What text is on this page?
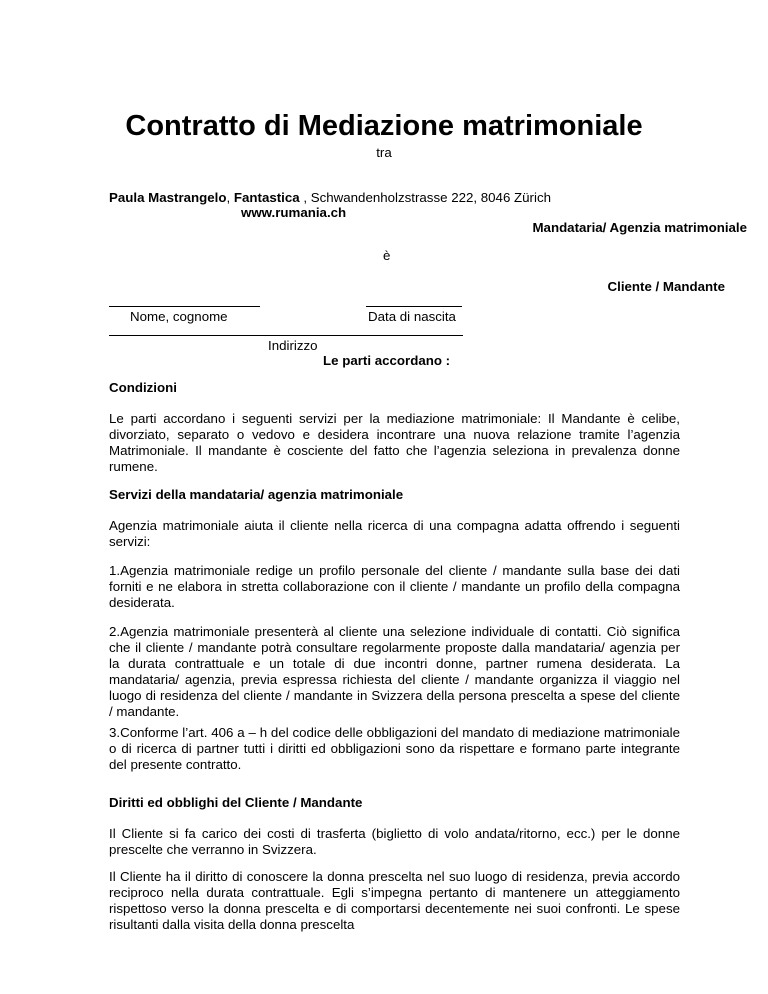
Contratto di Mediazione matrimoniale
tra
Paula Mastrangelo, Fantastica , Schwandenholzstrasse 222, 8046 Zürich
www.rumania.ch
Mandataria/ Agenzia matrimoniale
è
Cliente / Mandante
Nome, cognome	Data di nascita
Indirizzo
Le parti accordano :
Condizioni
Le parti accordano i seguenti servizi per la mediazione matrimoniale: Il Mandante è celibe, divorziato, separato o vedovo e desidera incontrare una nuova relazione tramite l’agenzia Matrimoniale. Il mandante è cosciente del fatto che l’agenzia seleziona in prevalenza donne rumene.
Servizi della mandataria/ agenzia matrimoniale
Agenzia matrimoniale aiuta il cliente nella ricerca di una compagna adatta offrendo i seguenti servizi:
1.Agenzia matrimoniale redige un profilo personale del cliente / mandante sulla base dei dati forniti e ne elabora in stretta collaborazione con il cliente / mandante un profilo della compagna desiderata.
2.Agenzia matrimoniale presenterà al cliente una selezione individuale di contatti. Ciò significa che il cliente / mandante potrà consultare regolarmente proposte dalla mandataria/ agenzia per la durata contrattuale e un totale di due incontri donne, partner rumena desiderata. La mandataria/ agenzia, previa espressa richiesta del cliente / mandante organizza il viaggio nel luogo di residenza del cliente / mandante in Svizzera della persona prescelta a spese del cliente / mandante.
3.Conforme l’art. 406 a – h del codice delle obbligazioni del mandato di mediazione matrimoniale o di ricerca di partner tutti i diritti ed obbligazioni sono da rispettare e formano parte integrante del presente contratto.
Diritti ed obblighi del Cliente / Mandante
Il Cliente si fa carico dei costi di trasferta (biglietto di volo andata/ritorno, ecc.) per le donne prescelte che verranno in Svizzera.
Il Cliente ha il diritto di conoscere la donna prescelta nel suo luogo di residenza, previa accordo reciproco nella durata contrattuale. Egli s’impegna pertanto di mantenere un atteggiamento rispettoso verso la donna prescelta e di comportarsi decentemente nei suoi confronti. Le spese risultanti dalla visita della donna prescelta
